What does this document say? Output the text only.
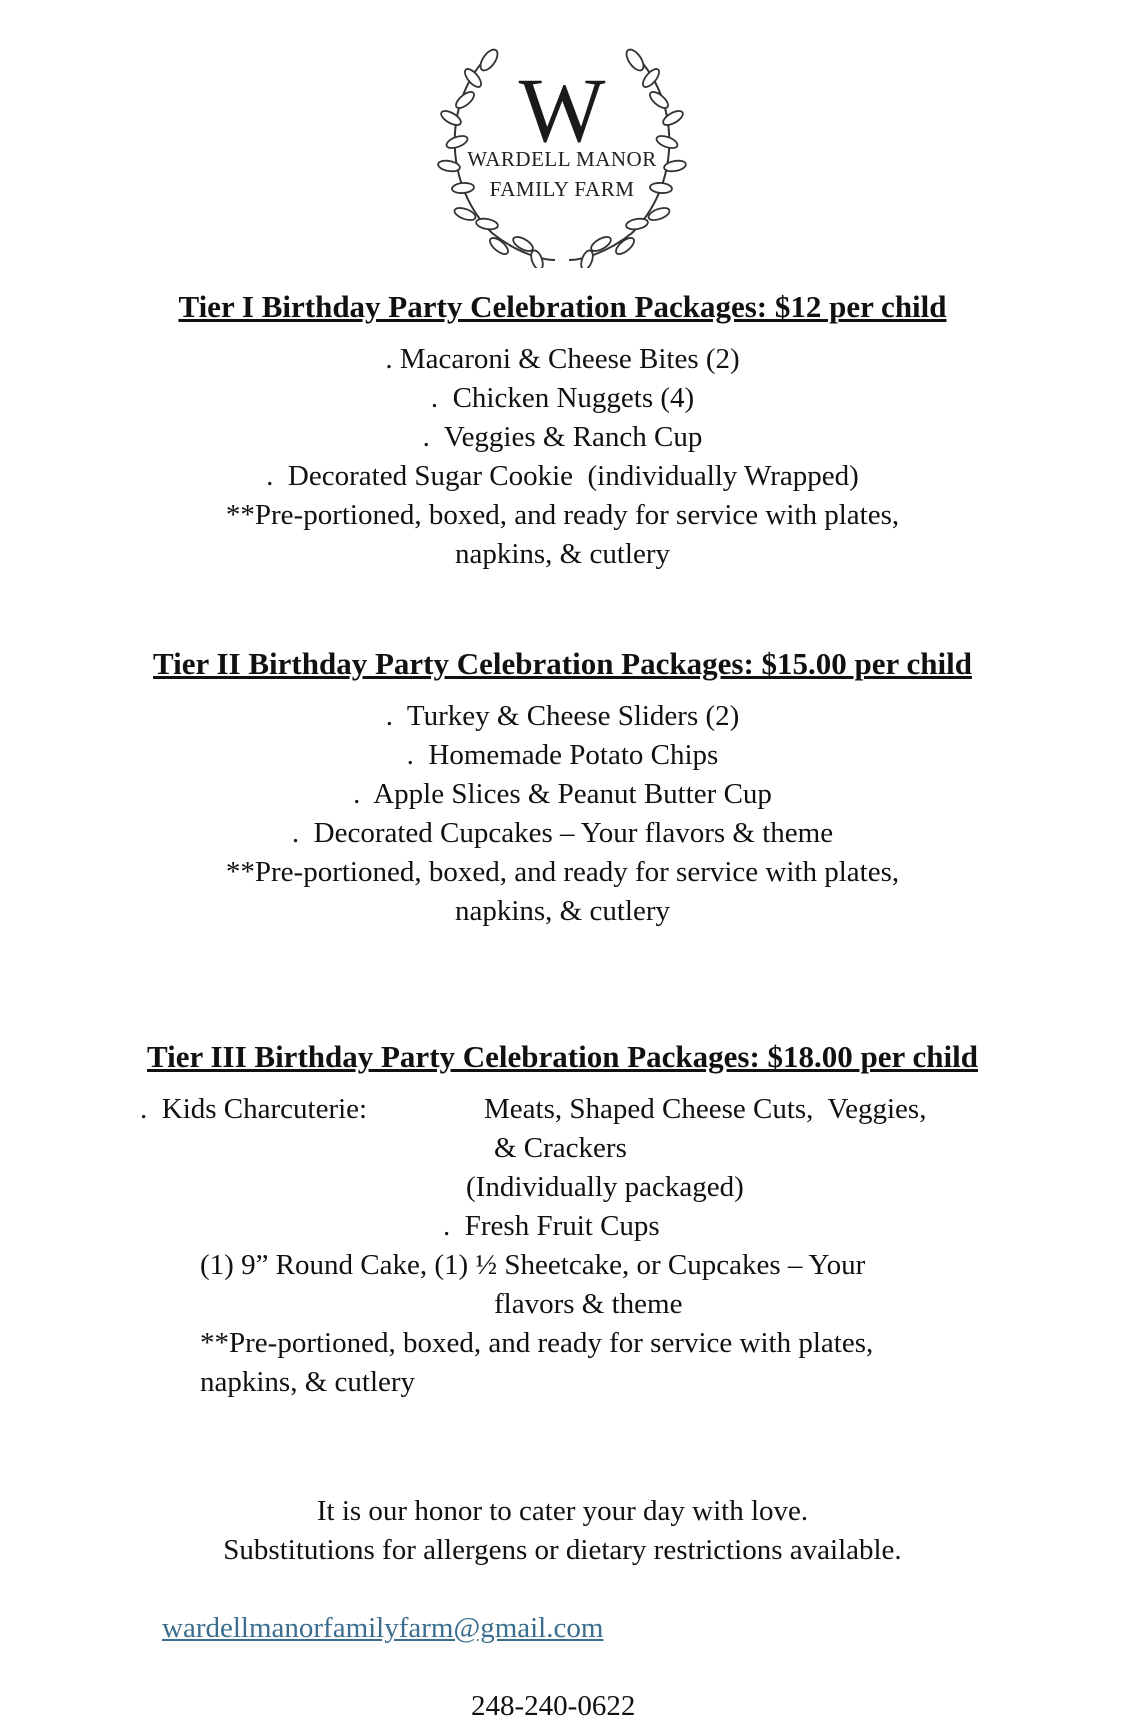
W
WARDELL MANOR
FAMILY FARM
Tier I Birthday Party Celebration Packages: $12 per child
. Macaroni & Cheese Bites (2)
.  Chicken Nuggets (4)
.  Veggies & Ranch Cup
.  Decorated Sugar Cookie  (individually Wrapped)
**Pre-portioned, boxed, and ready for service with plates,
napkins, & cutlery
Tier II Birthday Party Celebration Packages: $15.00 per child
.  Turkey & Cheese Sliders (2)
.  Homemade Potato Chips
.  Apple Slices & Peanut Butter Cup
.  Decorated Cupcakes – Your flavors & theme
**Pre-portioned, boxed, and ready for service with plates,
napkins, & cutlery
Tier III Birthday Party Celebration Packages: $18.00 per child
.  Kids Charcuterie:	Meats, Shaped Cheese Cuts,  Veggies,
& Crackers
(Individually packaged)
.  Fresh Fruit Cups
(1) 9” Round Cake, (1) ½ Sheetcake, or Cupcakes – Your
flavors & theme
**Pre-portioned, boxed, and ready for service with plates,
napkins, & cutlery
It is our honor to cater your day with love.
Substitutions for allergens or dietary restrictions available.

wardellmanorfamilyfarm@gmail.com

248-240-0622
